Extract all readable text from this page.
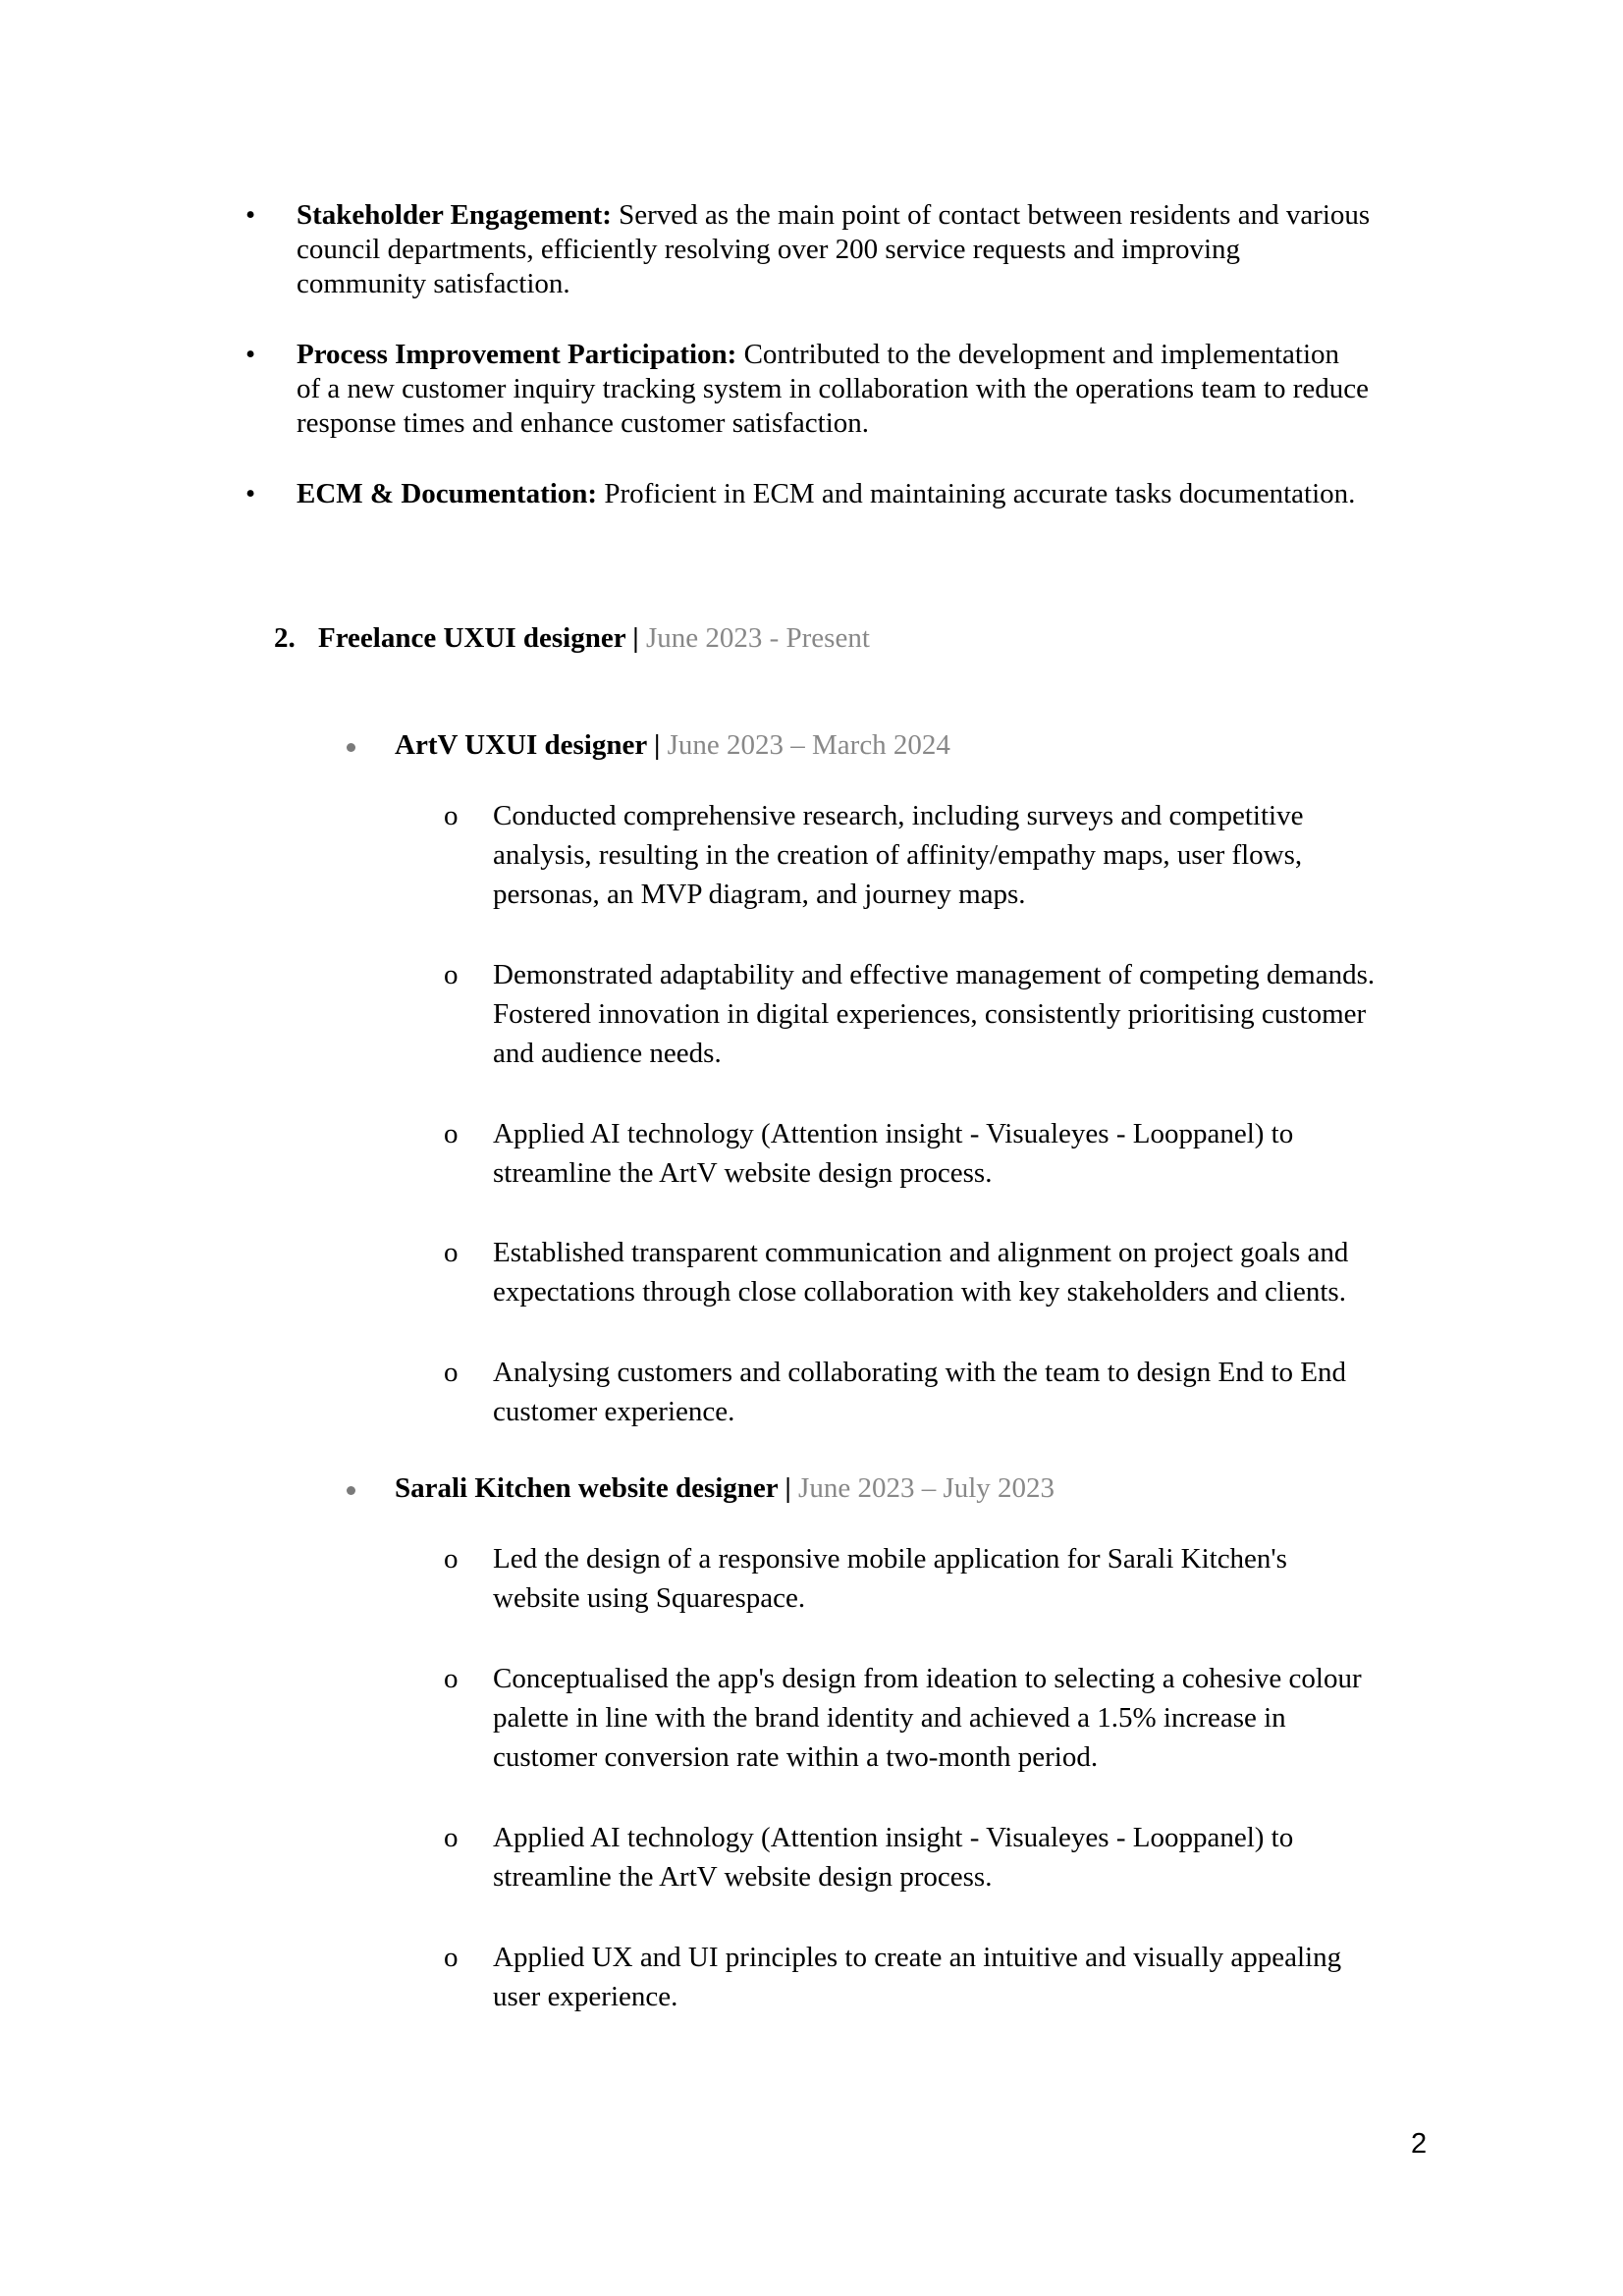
• Stakeholder Engagement: Served as the main point of contact between residents and various
council departments, efficiently resolving over 200 service requests and improving
community satisfaction.
• Process Improvement Participation: Contributed to the development and implementation
of a new customer inquiry tracking system in collaboration with the operations team to reduce
response times and enhance customer satisfaction.
• ECM & Documentation: Proficient in ECM and maintaining accurate tasks documentation.
2. Freelance UXUI designer | June 2023 - Present
ArtV UXUI designer | June 2023 – March 2024
o Conducted comprehensive research, including surveys and competitive
analysis, resulting in the creation of affinity/empathy maps, user flows,
personas, an MVP diagram, and journey maps.
o Demonstrated adaptability and effective management of competing demands.
Fostered innovation in digital experiences, consistently prioritising customer
and audience needs.
o Applied AI technology (Attention insight - Visualeyes - Looppanel) to
streamline the ArtV website design process.
o Established transparent communication and alignment on project goals and
expectations through close collaboration with key stakeholders and clients.
o Analysing customers and collaborating with the team to design End to End
customer experience.
Sarali Kitchen website designer | June 2023 – July 2023
o Led the design of a responsive mobile application for Sarali Kitchen's
website using Squarespace.
o Conceptualised the app's design from ideation to selecting a cohesive colour
palette in line with the brand identity and achieved a 1.5% increase in
customer conversion rate within a two-month period.
o Applied AI technology (Attention insight - Visualeyes - Looppanel) to
streamline the ArtV website design process.
o Applied UX and UI principles to create an intuitive and visually appealing
user experience.
2
